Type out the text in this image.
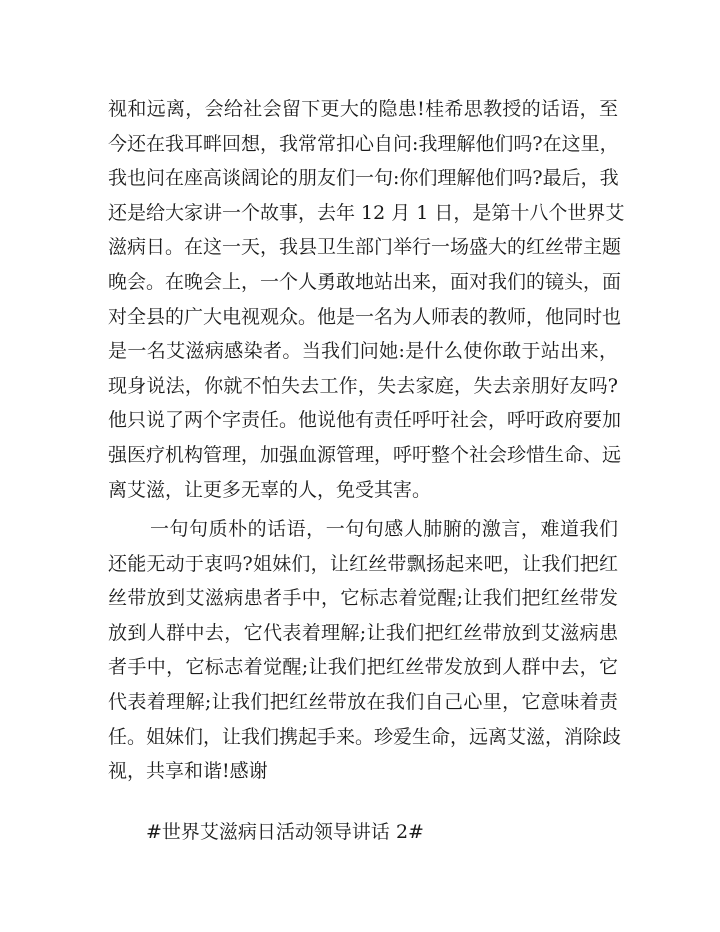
视和远离，会给社会留下更大的隐患!桂希思教授的话语，至
今还在我耳畔回想，我常常扣心自问:我理解他们吗?在这里，
我也问在座高谈阔论的朋友们一句:你们理解他们吗?最后，我
还是给大家讲一个故事，去年 12 月 1 日，是第十八个世界艾
滋病日。在这一天，我县卫生部门举行一场盛大的红丝带主题
晚会。在晚会上，一个人勇敢地站出来，面对我们的镜头，面
对全县的广大电视观众。他是一名为人师表的教师，他同时也
是一名艾滋病感染者。当我们问她:是什么使你敢于站出来，
现身说法，你就不怕失去工作，失去家庭，失去亲朋好友吗?
他只说了两个字责任。他说他有责任呼吁社会，呼吁政府要加
强医疗机构管理，加强血源管理，呼吁整个社会珍惜生命、远
离艾滋，让更多无辜的人，免受其害。
一句句质朴的话语，一句句感人肺腑的激言，难道我们
还能无动于衷吗?姐妹们，让红丝带飘扬起来吧，让我们把红
丝带放到艾滋病患者手中，它标志着觉醒;让我们把红丝带发
放到人群中去，它代表着理解;让我们把红丝带放到艾滋病患
者手中，它标志着觉醒;让我们把红丝带发放到人群中去，它
代表着理解;让我们把红丝带放在我们自己心里，它意味着责
任。姐妹们，让我们携起手来。珍爱生命，远离艾滋，消除歧
视，共享和谐!感谢
#世界艾滋病日活动领导讲话 2#
